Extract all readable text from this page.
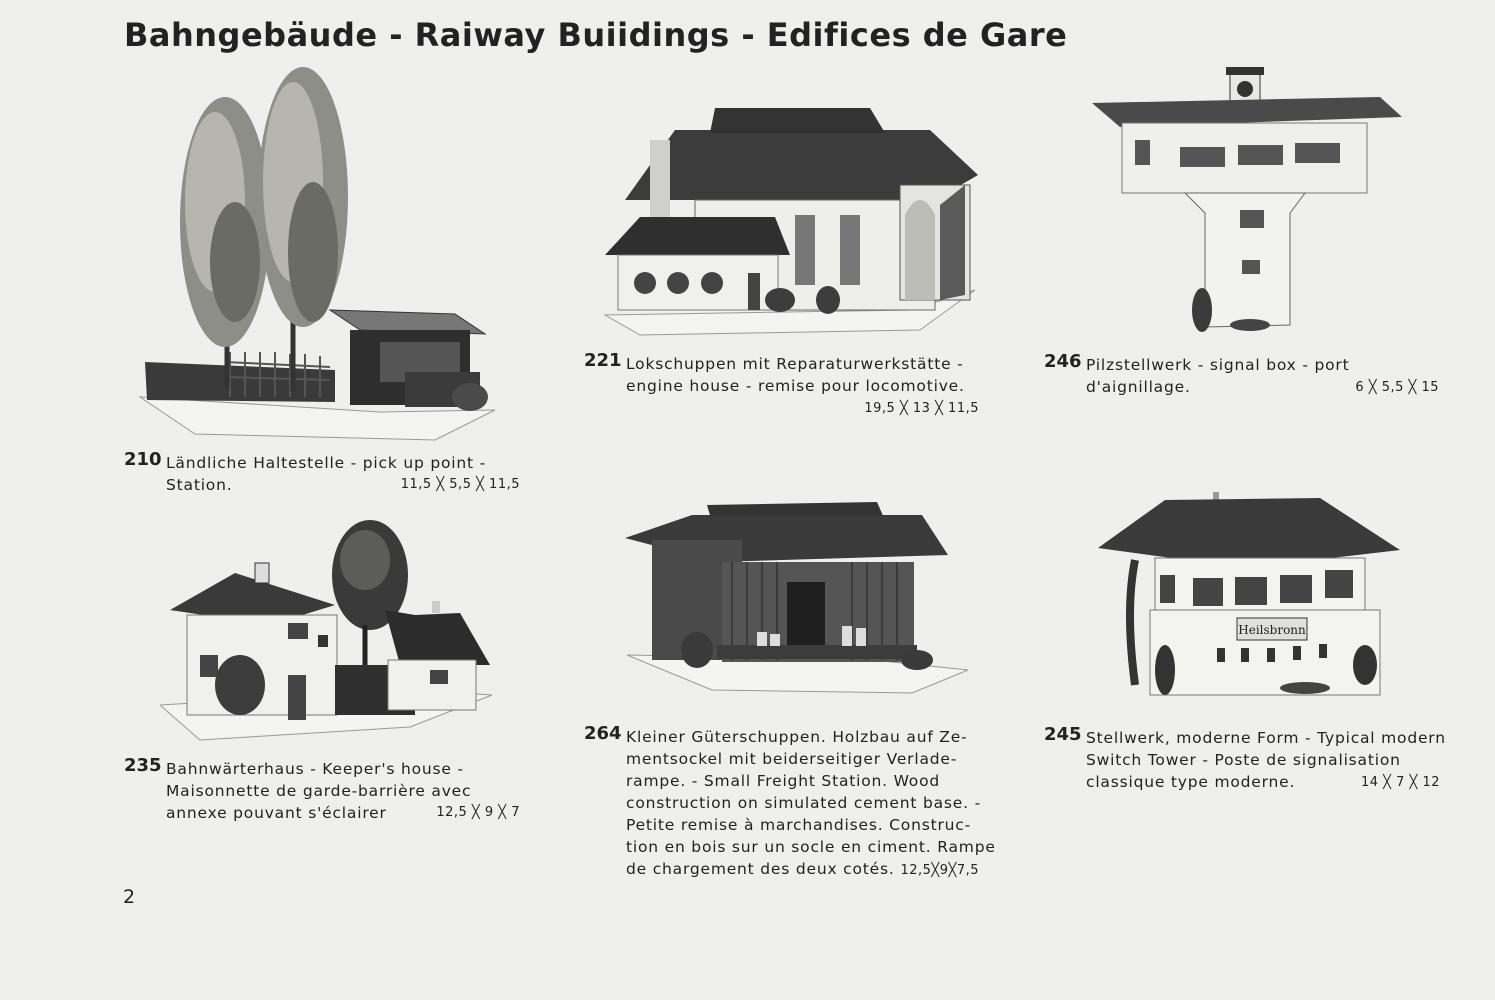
Bahngebäude - Raiway Buiidings - Edifices de Gare
210 Ländliche Haltestelle - pick up point -
Station.	11,5 ╳ 5,5 ╳ 11,5
221 Lokschuppen mit Reparaturwerkstätte -
engine house - remise pour locomotive.
19,5 ╳ 13 ╳ 11,5
246 Pilzstellwerk - signal box - port
d'aignillage.	6 ╳ 5,5 ╳ 15
235 Bahnwärterhaus - Keeper's house -
Maisonnette de garde-barrière avec
annexe pouvant s'éclairer	12,5 ╳ 9 ╳ 7
264 Kleiner Güterschuppen. Holzbau auf Ze-
mentsockel mit beiderseitiger Verlade-
rampe. - Small Freight Station. Wood
construction on simulated cement base. -
Petite remise à marchandises. Construc-
tion en bois sur un socle en ciment. Rampe
de chargement des deux cotés. 12,5╳9╳7,5
Heilsbronn
245 Stellwerk, moderne Form - Typical modern
Switch Tower - Poste de signalisation
classique type moderne.	14 ╳ 7 ╳ 12
2
